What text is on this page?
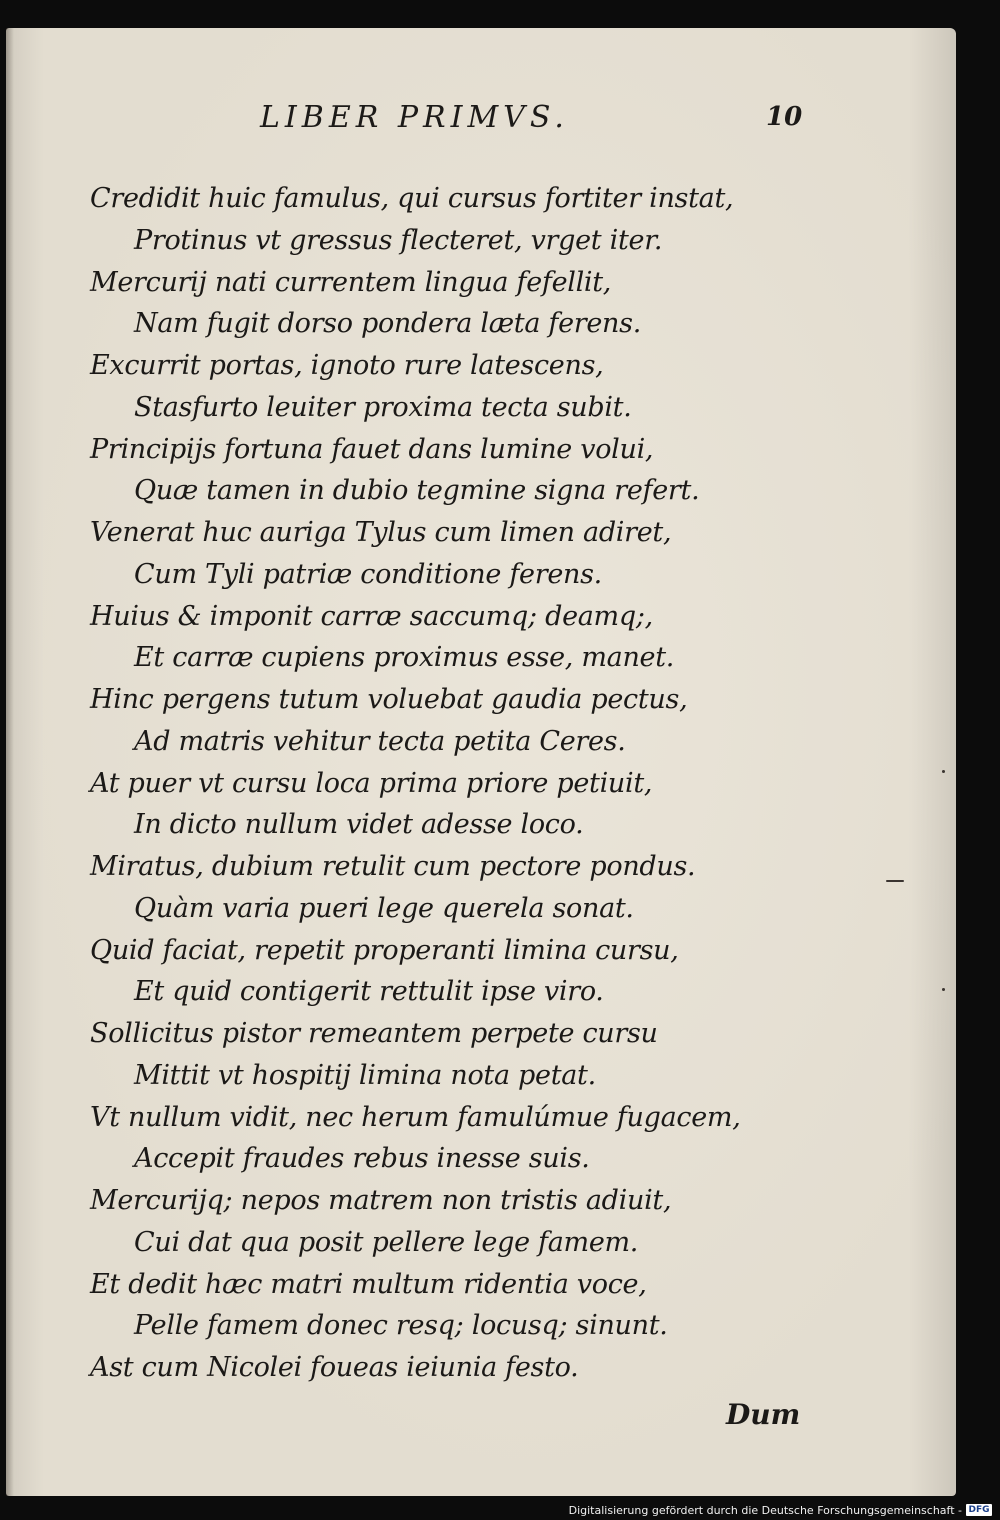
LIBER PRIMVS.	10
Credidit huic famulus, qui cursus fortiter instat,
Protinus vt gressus flecteret, vrget iter.
Mercurij nati currentem lingua fefellit,
Nam fugit dorso pondera læta ferens.
Excurrit portas, ignoto rure latescens,
Stasfurto leuiter proxima tecta subit.
Principijs fortuna fauet dans lumine volui,
Quæ tamen in dubio tegmine signa refert.
Venerat huc auriga Tylus cum limen adiret,
Cum Tyli patriæ conditione ferens.
Huius & imponit carræ saccumq; deamq;,
Et carræ cupiens proximus esse, manet.
Hinc pergens tutum voluebat gaudia pectus,
Ad matris vehitur tecta petita Ceres.
At puer vt cursu loca prima priore petiuit,
In dicto nullum videt adesse loco.
Miratus, dubium retulit cum pectore pondus.
Quàm varia pueri lege querela sonat.
Quid faciat, repetit properanti limina cursu,
Et quid contigerit rettulit ipse viro.
Sollicitus pistor remeantem perpete cursu
Mittit vt hospitij limina nota petat.
Vt nullum vidit, nec herum famulúmue fugacem,
Accepit fraudes rebus inesse suis.
Mercurijq; nepos matrem non tristis adiuit,
Cui dat qua posit pellere lege famem.
Et dedit hæc matri multum ridentia voce,
Pelle famem donec resq; locusq; sinunt.
Ast cum Nicolei foueas ieiunia festo.
Dum
Digitalisierung gefördert durch die Deutsche Forschungsgemeinschaft - DFG
